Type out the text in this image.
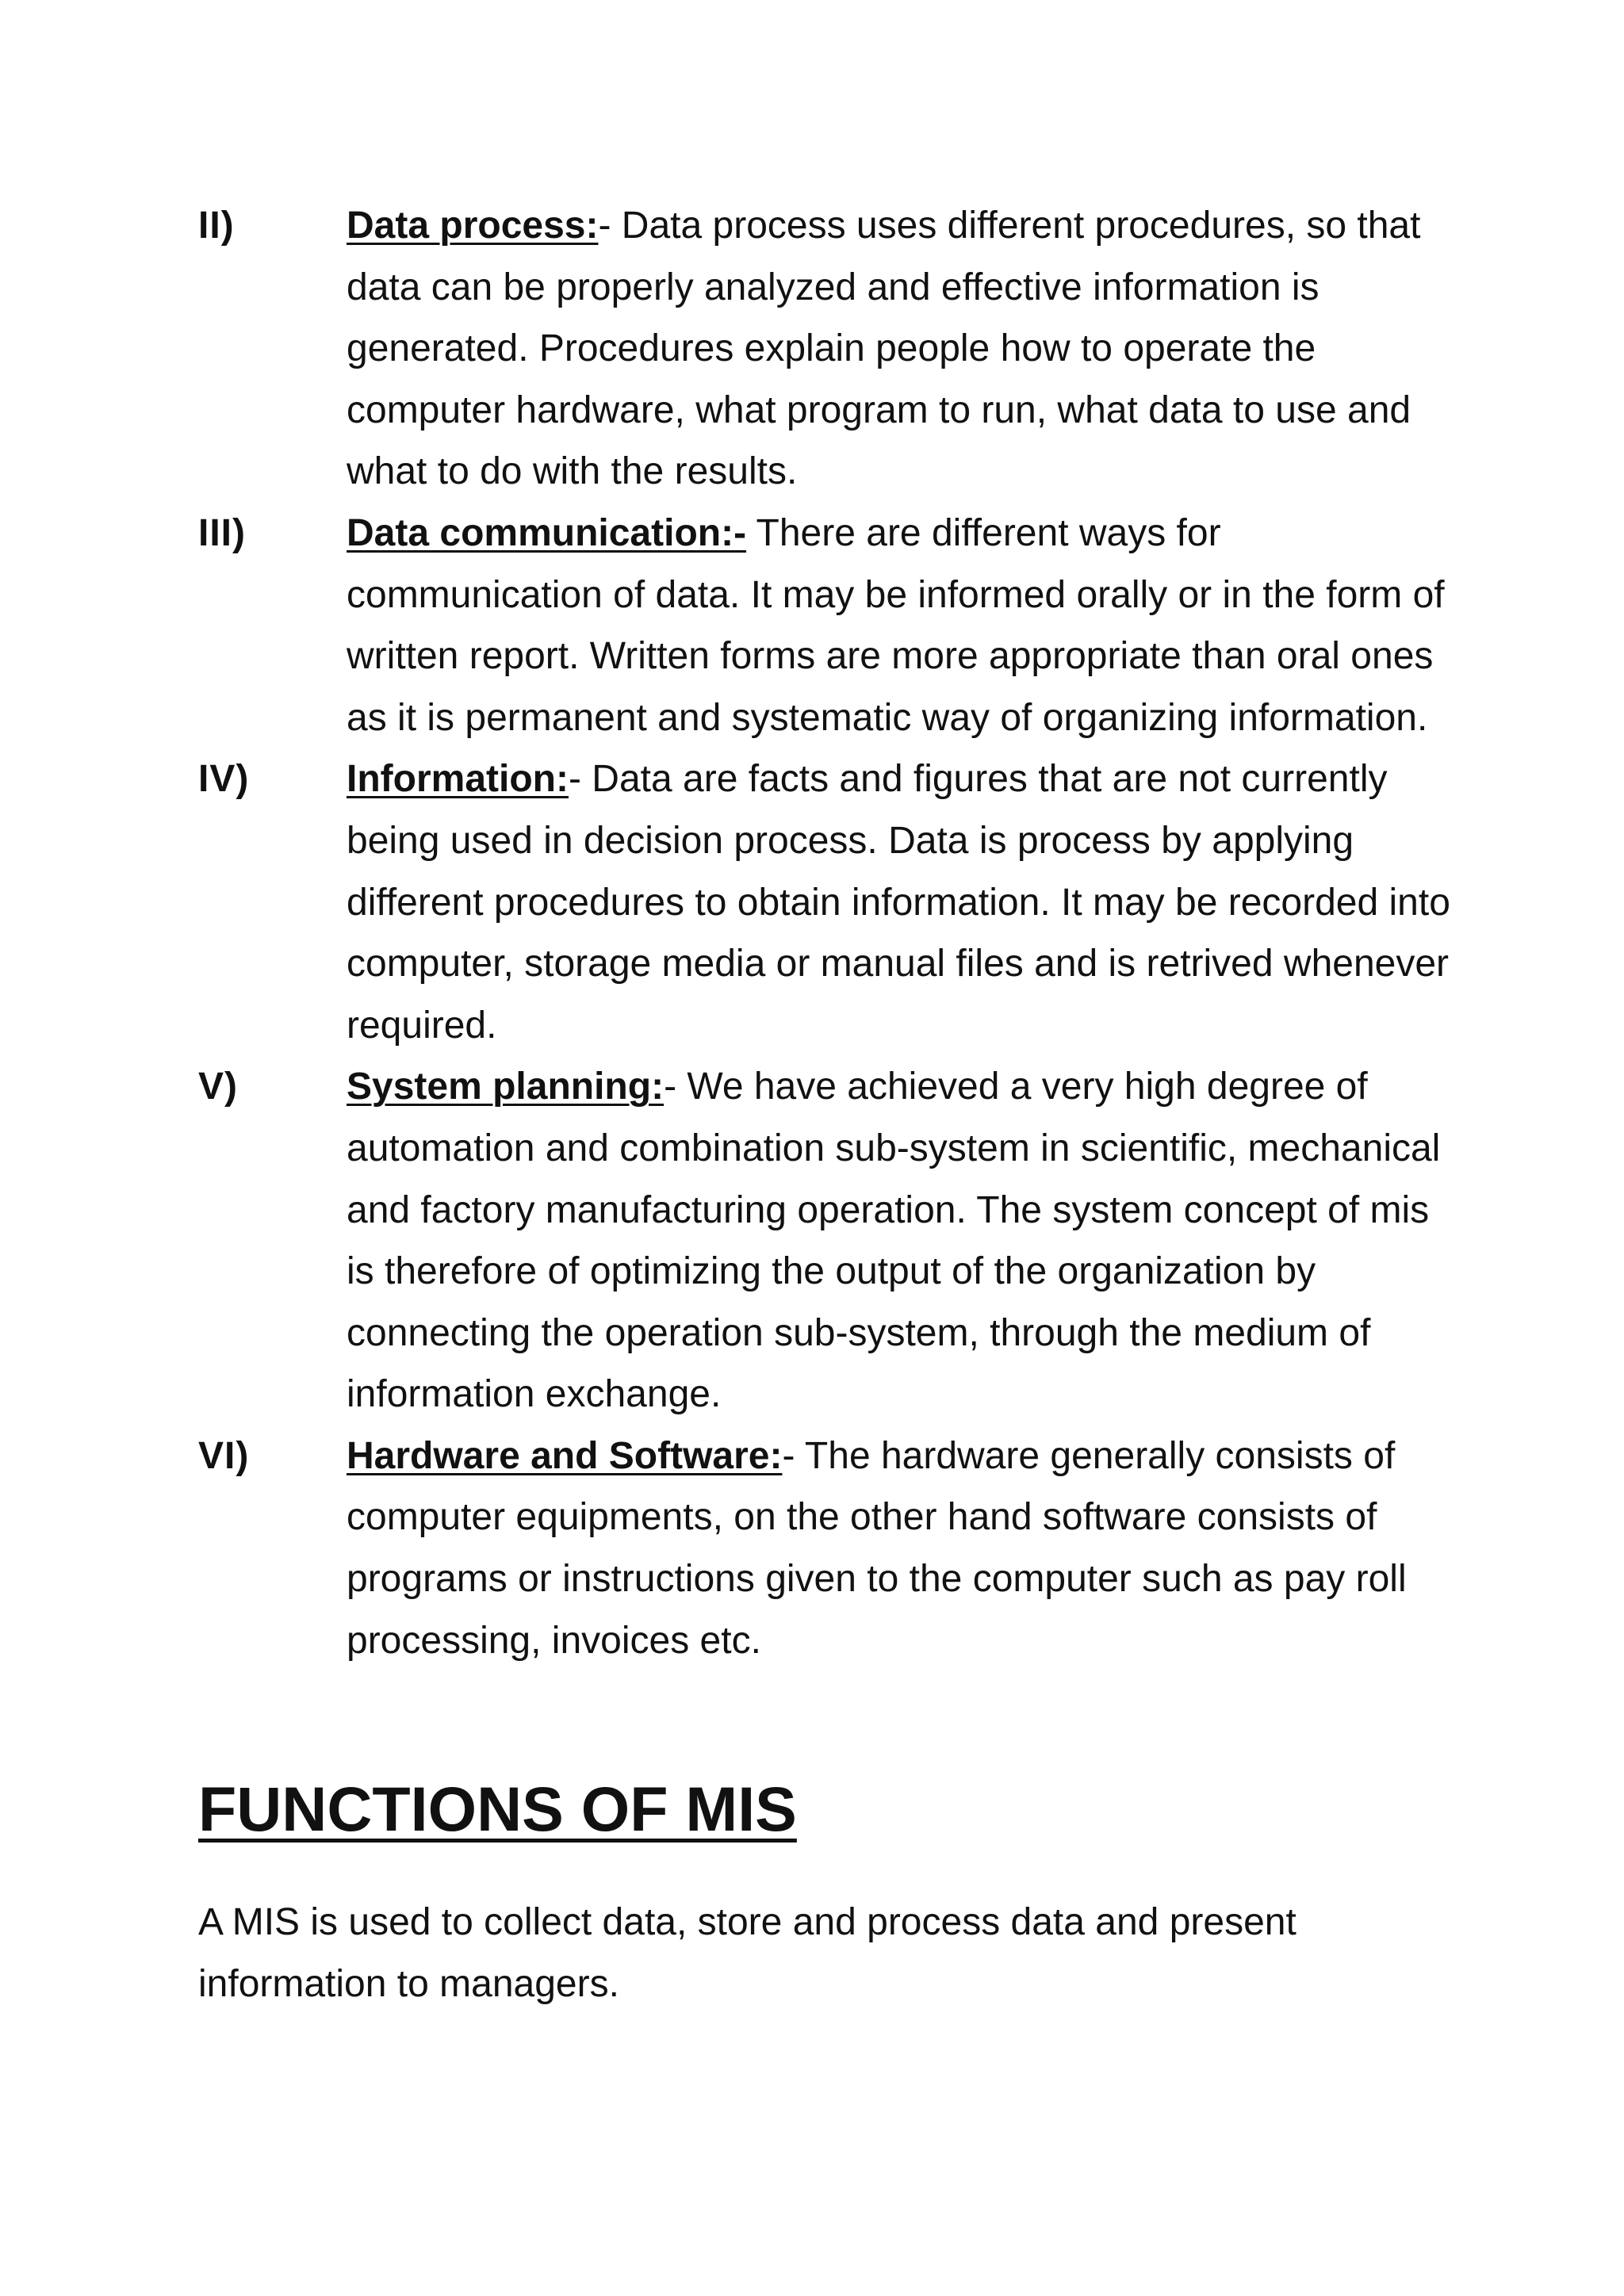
II)	Data process:- Data process uses different procedures, so that data can be properly analyzed and effective information is generated. Procedures explain people how to operate the computer hardware, what program to run, what data to use and what to do with the results.
III)	Data communication:- There are different ways for communication of data. It may be informed orally or in the form of written report. Written forms are more appropriate than oral ones as it is permanent and systematic way of organizing information.
IV)	Information:- Data are facts and figures that are not currently being used in decision process. Data is process by applying different procedures to obtain information. It may be recorded into computer, storage media or manual files and is retrived whenever required.
V)	System planning:- We have achieved a very high degree of automation and combination sub-system in scientific, mechanical and factory manufacturing operation. The system concept of mis is therefore of optimizing the output of the organization by connecting the operation sub-system, through the medium of information exchange.
VI)	Hardware and Software:- The hardware generally consists of computer equipments, on the other hand software consists of programs or instructions given to the computer such as pay roll processing, invoices etc.
FUNCTIONS OF MIS

A MIS is used to collect data, store and process data and present information to managers.
